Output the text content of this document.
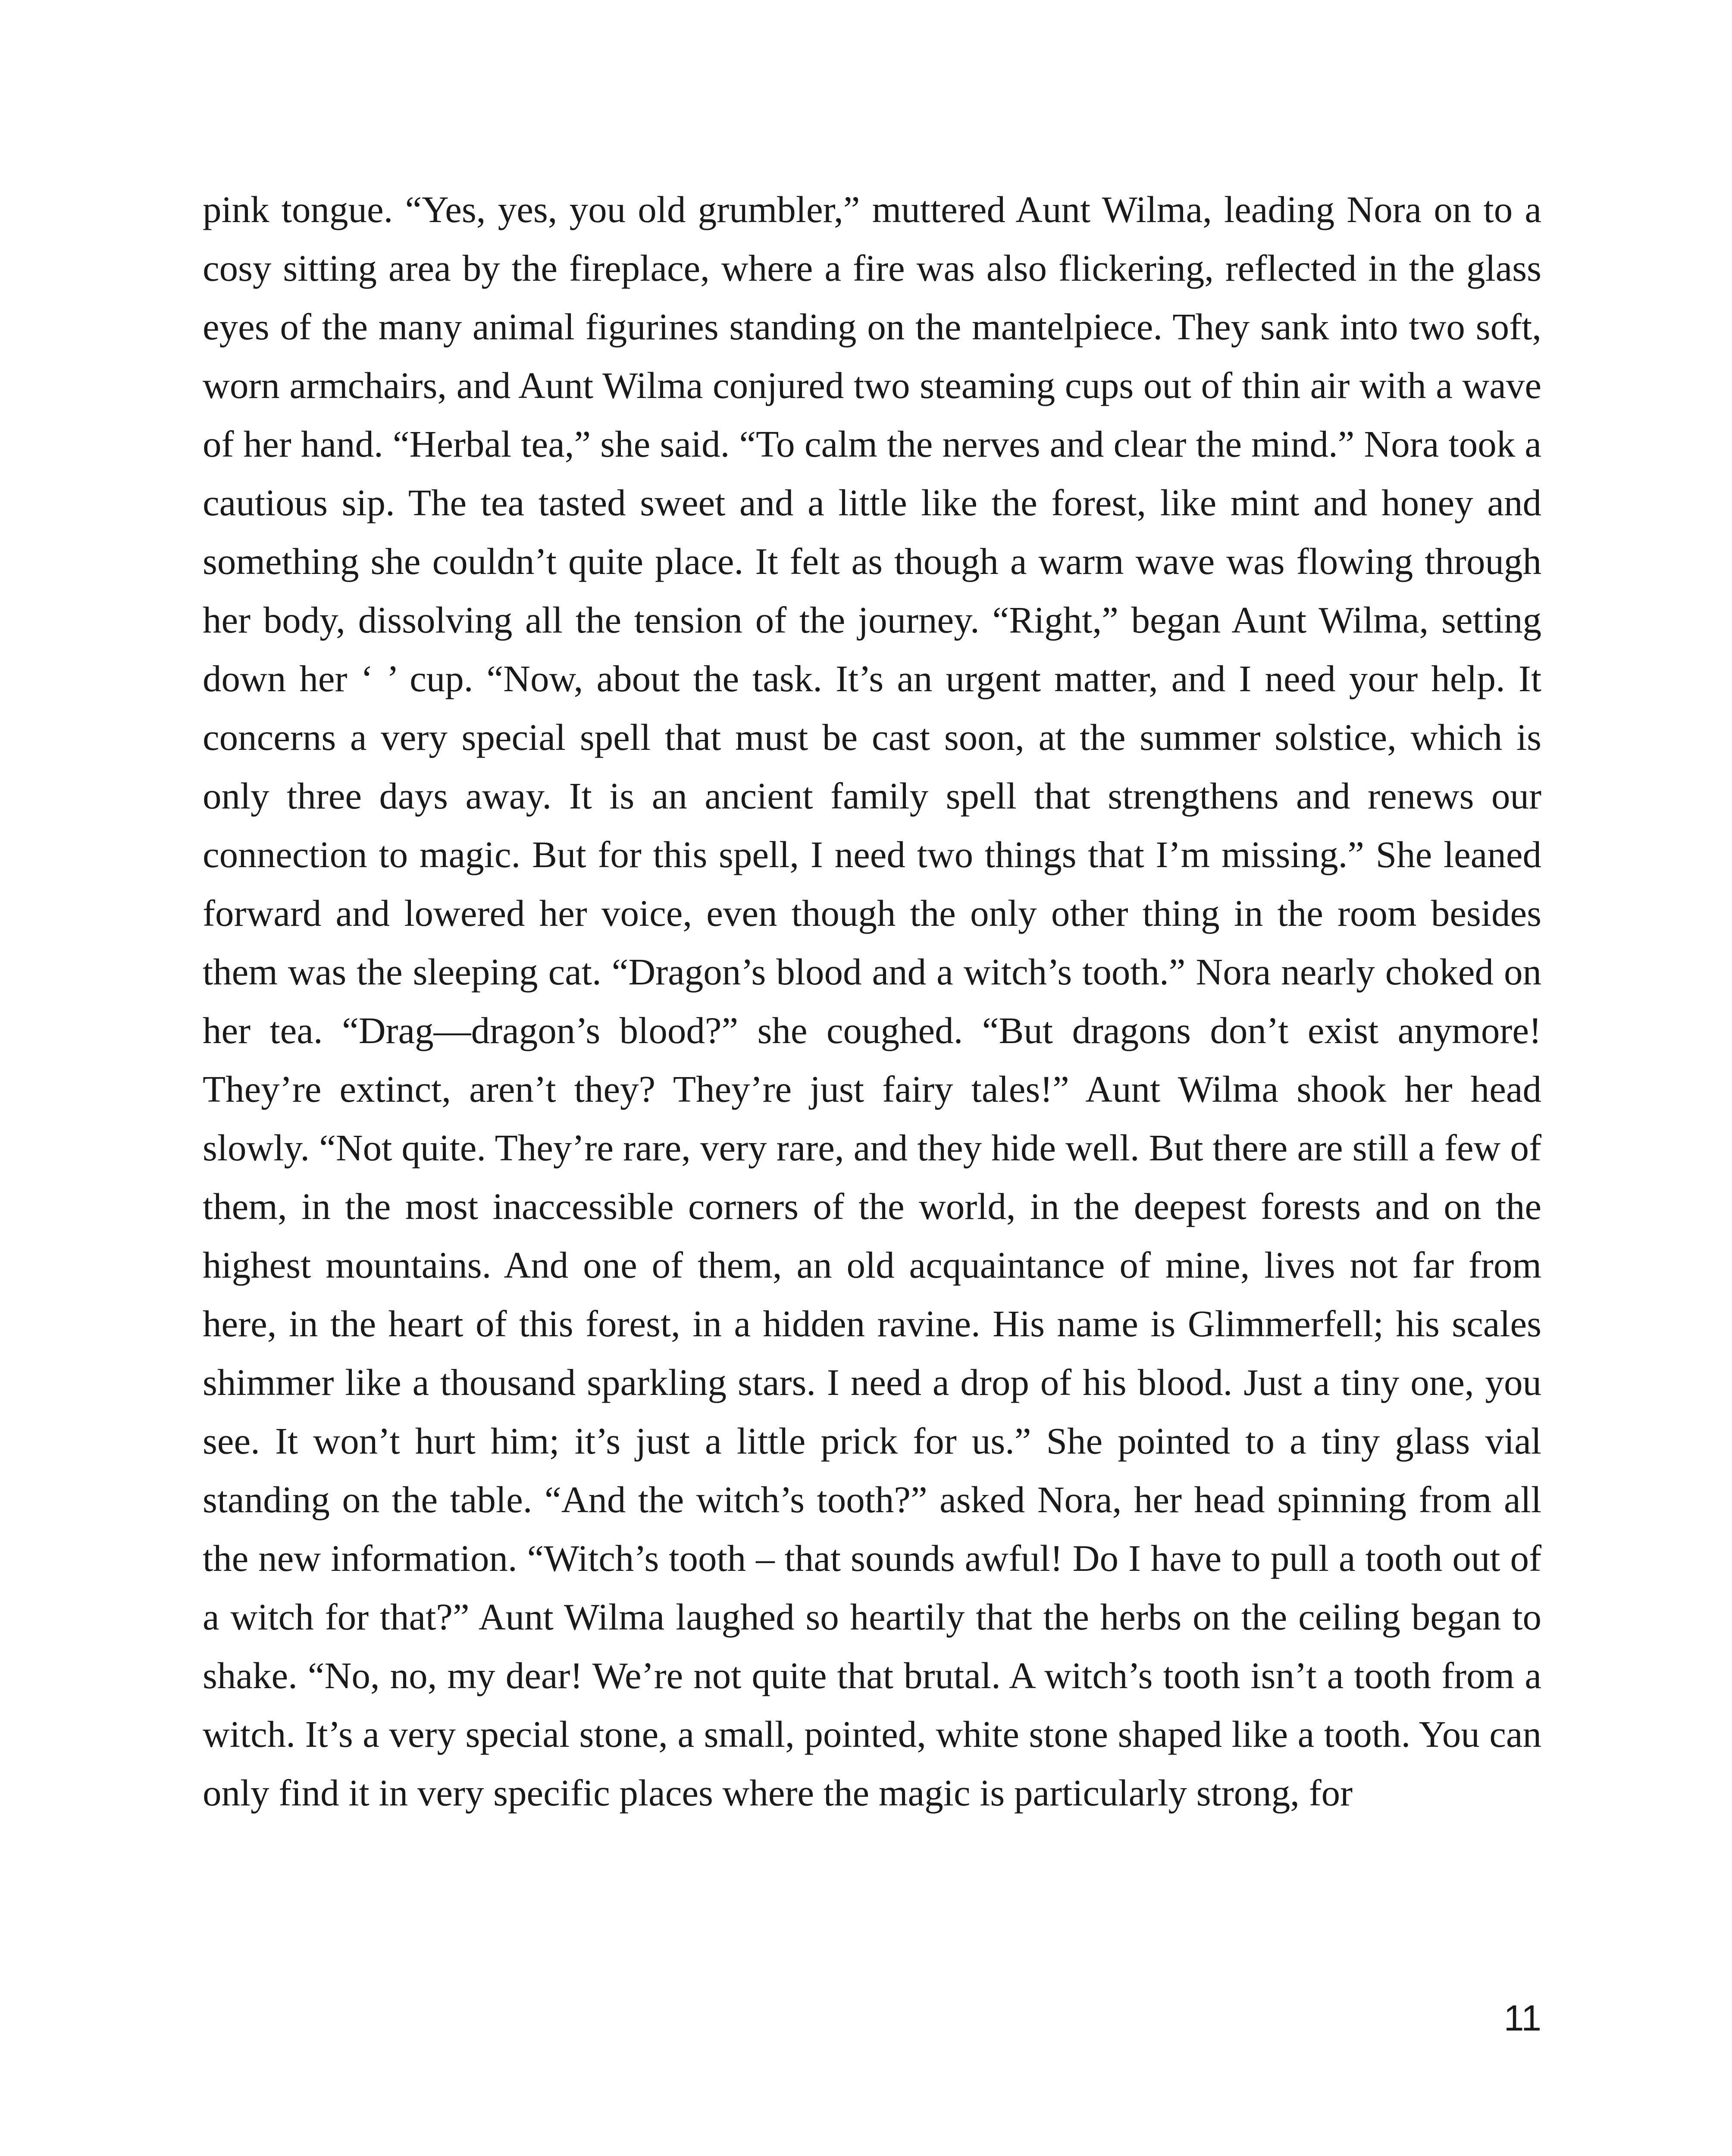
pink tongue. “Yes, yes, you old grumbler,” muttered Aunt Wilma, leading Nora on to a cosy sitting area by the fireplace, where a fire was also flickering, reflected in the glass eyes of the many animal figurines standing on the mantelpiece. They sank into two soft, worn armchairs, and Aunt Wilma conjured two steaming cups out of thin air with a wave of her hand. “Herbal tea,” she said. “To calm the nerves and clear the mind.” Nora took a cautious sip. The tea tasted sweet and a little like the forest, like mint and honey and something she couldn’t quite place. It felt as though a warm wave was flowing through her body, dissolving all the tension of the journey. “Right,” began Aunt Wilma, setting down her ‘ ’ cup. “Now, about the task. It’s an urgent matter, and I need your help. It concerns a very special spell that must be cast soon, at the summer solstice, which is only three days away. It is an ancient family spell that strengthens and renews our connection to magic. But for this spell, I need two things that I’m missing.” She leaned forward and lowered her voice, even though the only other thing in the room besides them was the sleeping cat. “Dragon’s blood and a witch’s tooth.” Nora nearly choked on her tea. “Drag—dragon’s blood?” she coughed. “But dragons don’t exist anymore! They’re extinct, aren’t they? They’re just fairy tales!” Aunt Wilma shook her head slowly. “Not quite. They’re rare, very rare, and they hide well. But there are still a few of them, in the most inaccessible corners of the world, in the deepest forests and on the highest mountains. And one of them, an old acquaintance of mine, lives not far from here, in the heart of this forest, in a hidden ravine. His name is Glimmerfell; his scales shimmer like a thousand sparkling stars. I need a drop of his blood. Just a tiny one, you see. It won’t hurt him; it’s just a little prick for us.” She pointed to a tiny glass vial standing on the table. “And the witch’s tooth?” asked Nora, her head spinning from all the new information. “Witch’s tooth – that sounds awful! Do I have to pull a tooth out of a witch for that?” Aunt Wilma laughed so heartily that the herbs on the ceiling began to shake. “No, no, my dear! We’re not quite that brutal. A witch’s tooth isn’t a tooth from a witch. It’s a very special stone, a small, pointed, white stone shaped like a tooth. You can only find it in very specific places where the magic is particularly strong, for

11
